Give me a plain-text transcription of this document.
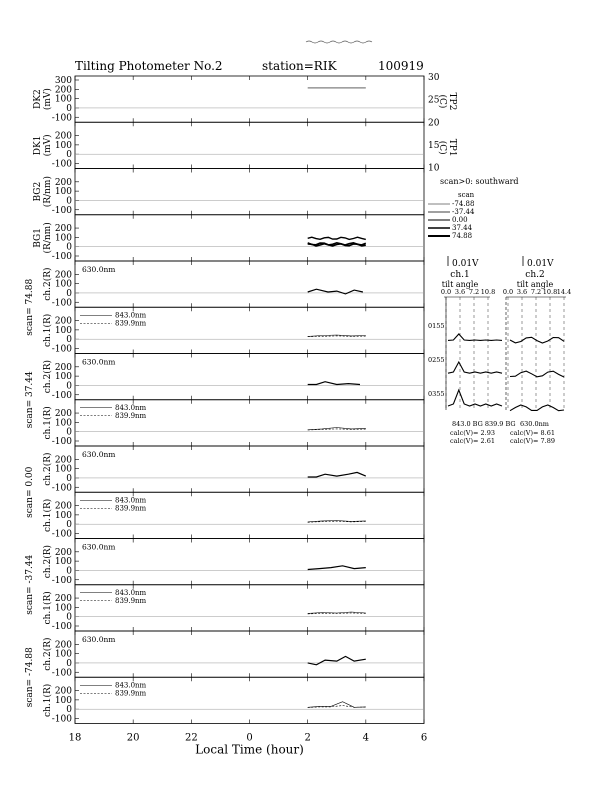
300
200
100
0
-100
DK2(mV)
200
100
0
-100
DK1(mV)
200
100
0
-100
BG2(R/nm)
200
100
0
-100
BG1(R/nm)
200
100
0
-100
ch.2(R)	630.0nm
200
100
0
-100
ch.1(R)	843.0nm
839.9nm
200
100
0
-100
ch.2(R)	630.0nm
200
100
0
-100
ch.1(R)	843.0nm
839.9nm
200
100
0
-100
ch.2(R)	630.0nm
200
100
0
-100
ch.1(R)	843.0nm
839.9nm
200
100
0
-100
ch.2(R)	630.0nm
200
100
0
-100
ch.1(R)	843.0nm
839.9nm
200
100
0
-100
ch.2(R)	630.0nm
200
100
0
-100
ch.1(R)	843.0nm
839.9nm
scan= 74.88
scan= 37.44
scan= 0.00
scan= -37.44
scan= -74.88
18	20	22	0	2	4	6
Local Time (hour)
30
25
20
15
10
TP2(C)
TP1(C)
scan>0: southward
scan
-74.88
-37.44
0.00
37.44
74.88
0.01V
ch.1
tilt angle
0.0 3.6 7.2 10.8
0.01V
ch.2
tilt angle
0.0 3.6 7.2 10.8 14.4
0155
0255
0355
843.0 BG 839.9 BG 630.0nm
calc(V)= 2.93
calc(V)= 2.61
calc(V)= 8.61
calc(V)= 7.89
Tilting Photometer No.2	station=RIK	100919
